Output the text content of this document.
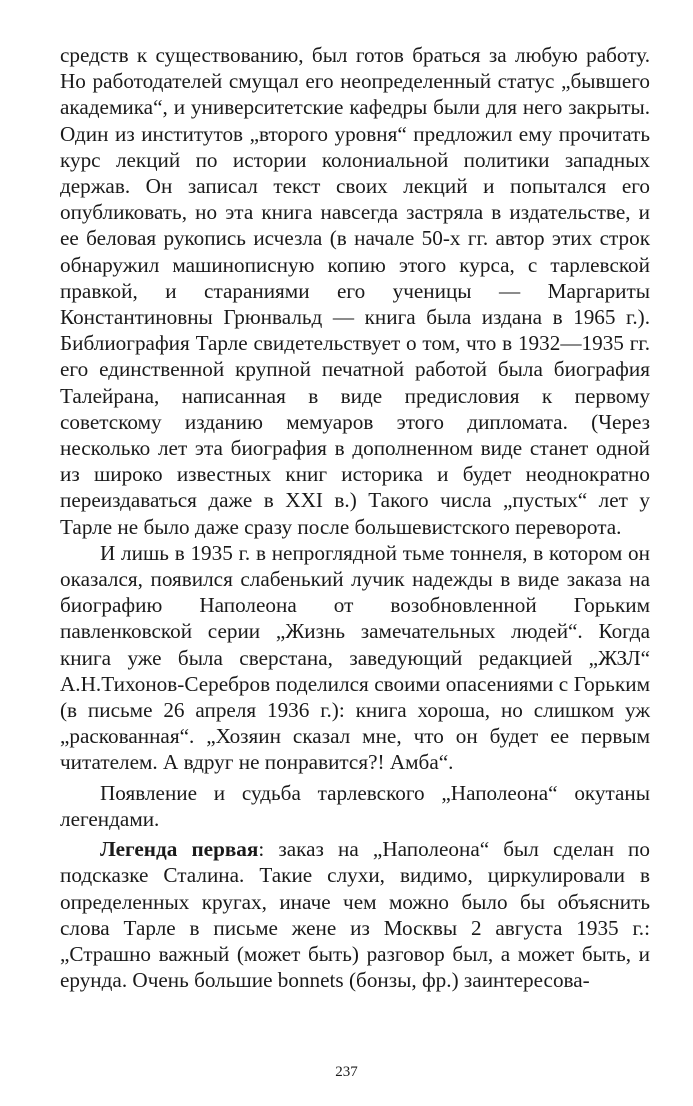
средств к существованию, был готов браться за любую работу. Но работодателей смущал его неопределенный статус „бывшего академика“, и университетские кафедры были для него закрыты. Один из институтов „второго уровня“ предложил ему прочитать курс лекций по истории колониальной политики западных держав. Он записал текст своих лекций и попытался его опубликовать, но эта книга навсегда застряла в издательстве, и ее беловая рукопись исчезла (в начале 50-х гг. автор этих строк обнаружил машинописную копию этого курса, с тарлевской правкой, и стараниями его ученицы — Маргариты Константиновны Грюнвальд — книга была издана в 1965 г.). Библиография Тарле свидетельствует о том, что в 1932—1935 гг. его единственной крупной печатной работой была биография Талейрана, написанная в виде предисловия к первому советскому изданию мемуаров этого дипломата. (Через несколько лет эта биография в дополненном виде станет одной из широко известных книг историка и будет неоднократно переиздаваться даже в XXI в.) Такого числа „пустых“ лет у Тарле не было даже сразу после большевистского переворота.

И лишь в 1935 г. в непроглядной тьме тоннеля, в котором он оказался, появился слабенький лучик надежды в виде заказа на биографию Наполеона от возобновленной Горьким павленковской серии „Жизнь замечательных людей“. Когда книга уже была сверстана, заведующий редакцией „ЖЗЛ“ А.Н.Тихонов-Серебров поделился своими опасениями с Горьким (в письме 26 апреля 1936 г.): книга хороша, но слишком уж „раскованная“. „Хозяин сказал мне, что он будет ее первым читателем. А вдруг не понравится?! Амба“.

Появление и судьба тарлевского „Наполеона“ окутаны легендами.

Легенда первая: заказ на „Наполеона“ был сделан по подсказке Сталина. Такие слухи, видимо, циркулировали в определенных кругах, иначе чем можно было бы объяснить слова Тарле в письме жене из Москвы 2 августа 1935 г.: „Страшно важный (может быть) разговор был, а может быть, и ерунда. Очень большие bonnets (бонзы, фр.) заинтересова-

237
